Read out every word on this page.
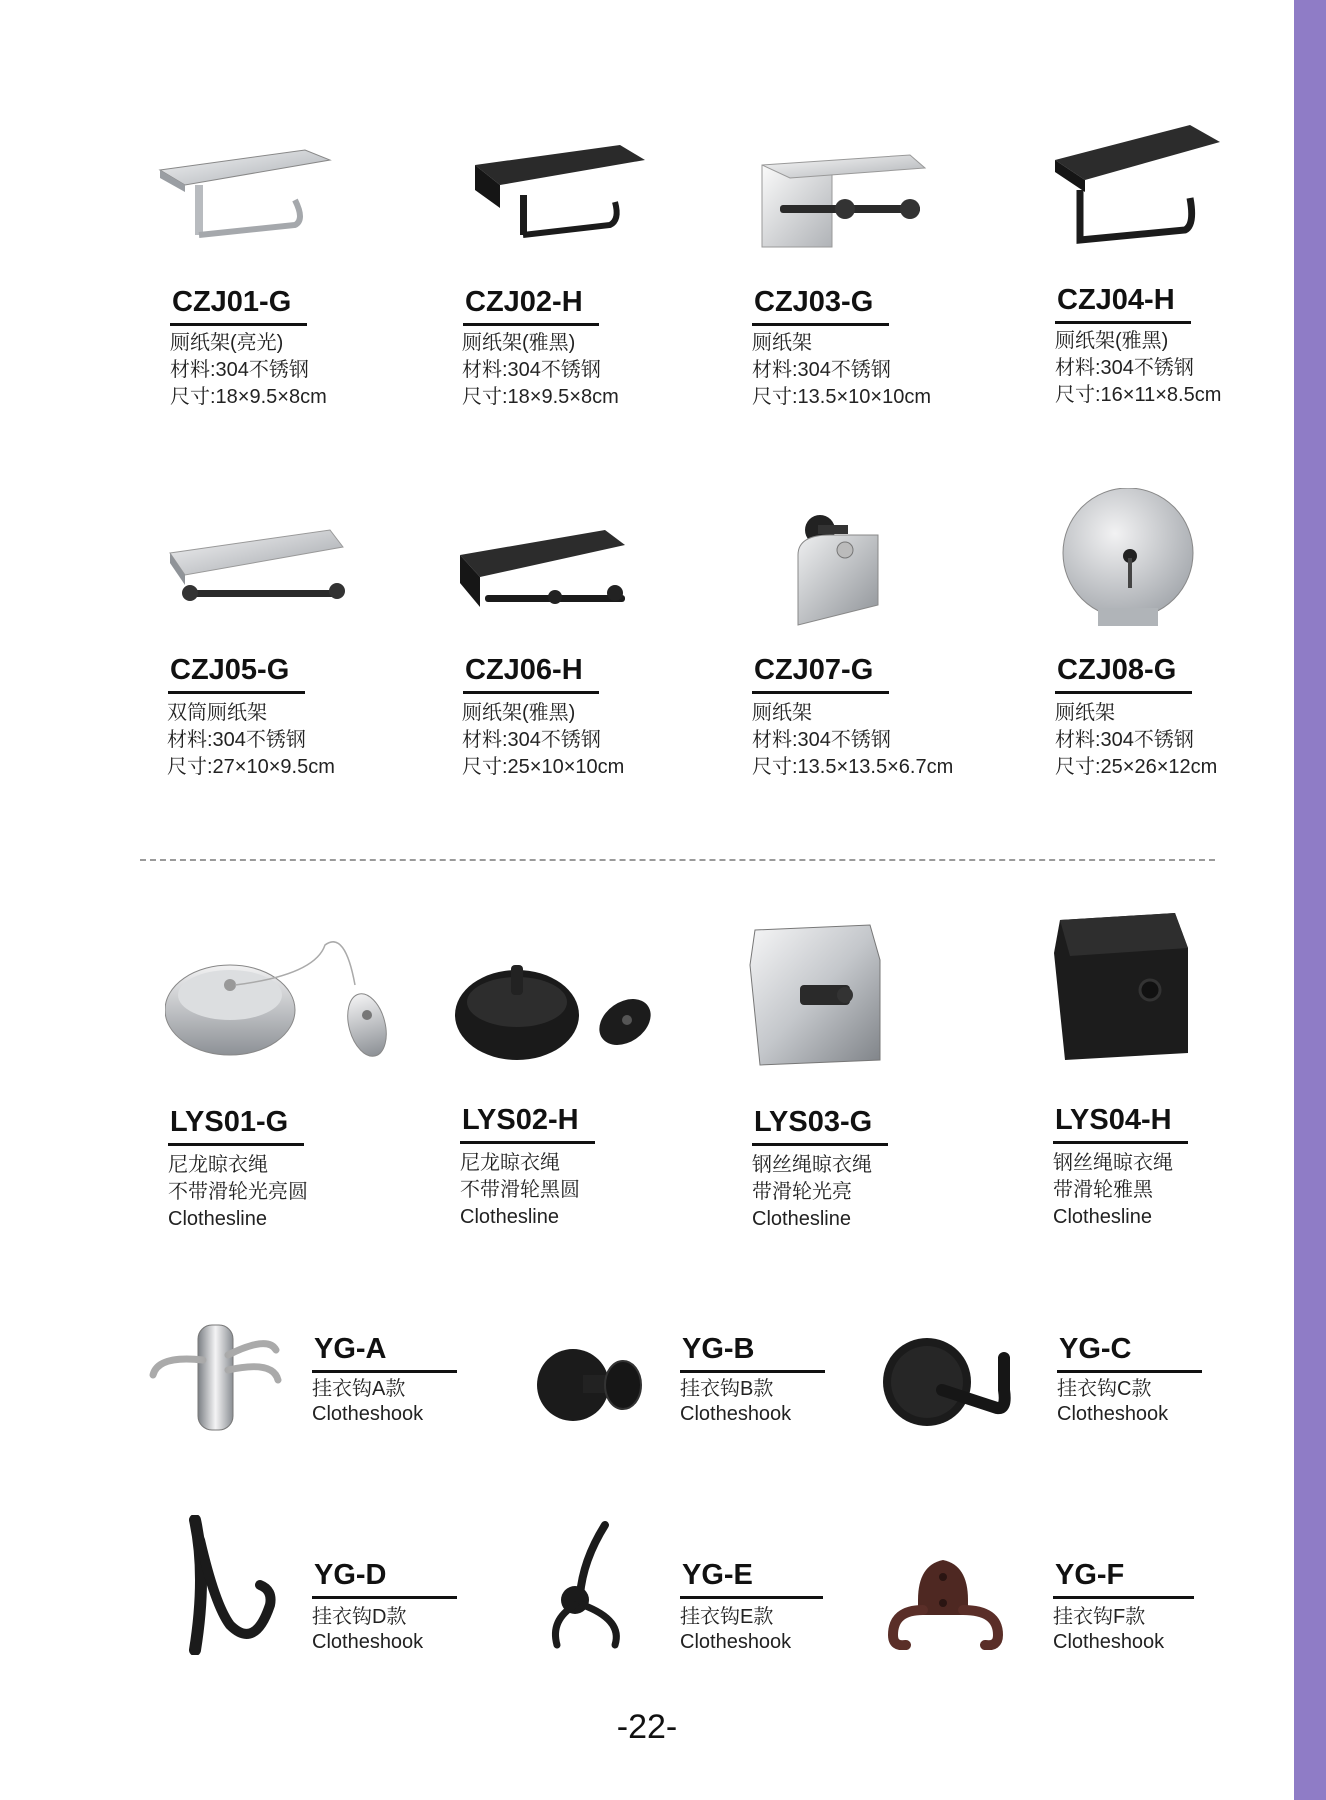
CZJ01-G
厕纸架(亮光)
材料:304不锈钢
尺寸:18×9.5×8cm
CZJ02-H
厕纸架(雅黑)
材料:304不锈钢
尺寸:18×9.5×8cm
CZJ03-G
厕纸架
材料:304不锈钢
尺寸:13.5×10×10cm
CZJ04-H
厕纸架(雅黑)
材料:304不锈钢
尺寸:16×11×8.5cm
CZJ05-G
双筒厕纸架
材料:304不锈钢
尺寸:27×10×9.5cm
CZJ06-H
厕纸架(雅黑)
材料:304不锈钢
尺寸:25×10×10cm
CZJ07-G
厕纸架
材料:304不锈钢
尺寸:13.5×13.5×6.7cm
CZJ08-G
厕纸架
材料:304不锈钢
尺寸:25×26×12cm
LYS01-G
尼龙晾衣绳
不带滑轮光亮圆
Clothesline
LYS02-H
尼龙晾衣绳
不带滑轮黑圆
Clothesline
LYS03-G
钢丝绳晾衣绳
带滑轮光亮
Clothesline
LYS04-H
钢丝绳晾衣绳
带滑轮雅黑
Clothesline
YG-A
挂衣钩A款
Clotheshook
YG-B
挂衣钩B款
Clotheshook
YG-C
挂衣钩C款
Clotheshook
YG-D
挂衣钩D款
Clotheshook
YG-E
挂衣钩E款
Clotheshook
YG-F
挂衣钩F款
Clotheshook
-22-
